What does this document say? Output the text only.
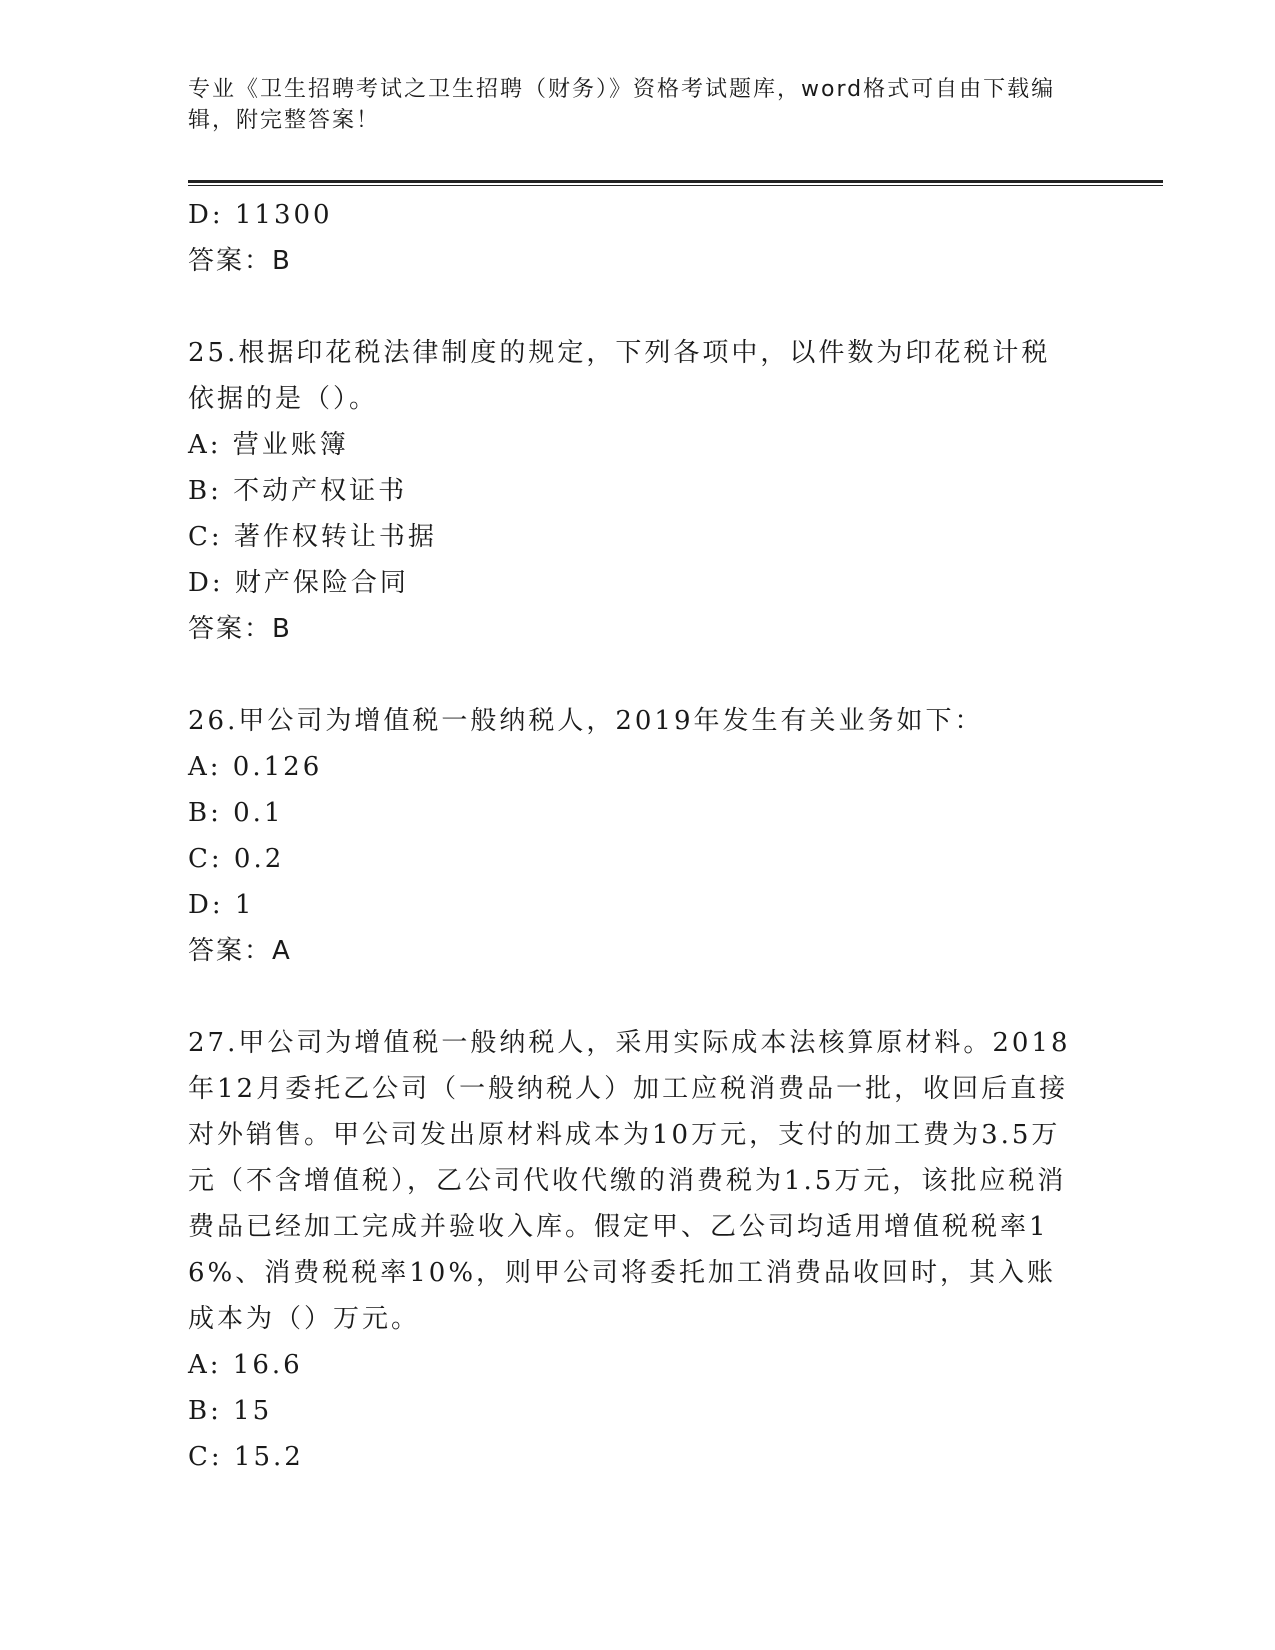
专业《卫生招聘考试之卫生招聘（财务）》资格考试题库，word格式可自由下载编辑，附完整答案！

D: 11300

答案：B

25.根据印花税法律制度的规定，下列各项中，以件数为印花税计税依据的是（）。

A: 营业账簿

B: 不动产权证书

C: 著作权转让书据

D: 财产保险合同

答案：B

26.甲公司为增值税一般纳税人，2019年发生有关业务如下：

A: 0.126

B: 0.1

C: 0.2

D: 1

答案：A

27.甲公司为增值税一般纳税人，采用实际成本法核算原材料。2018年12月委托乙公司（一般纳税人）加工应税消费品一批，收回后直接对外销售。甲公司发出原材料成本为10万元，支付的加工费为3.5万元（不含增值税），乙公司代收代缴的消费税为1.5万元，该批应税消费品已经加工完成并验收入库。假定甲、乙公司均适用增值税税率16%、消费税税率10%，则甲公司将委托加工消费品收回时，其入账成本为（）万元。

A: 16.6

B: 15

C: 15.2
